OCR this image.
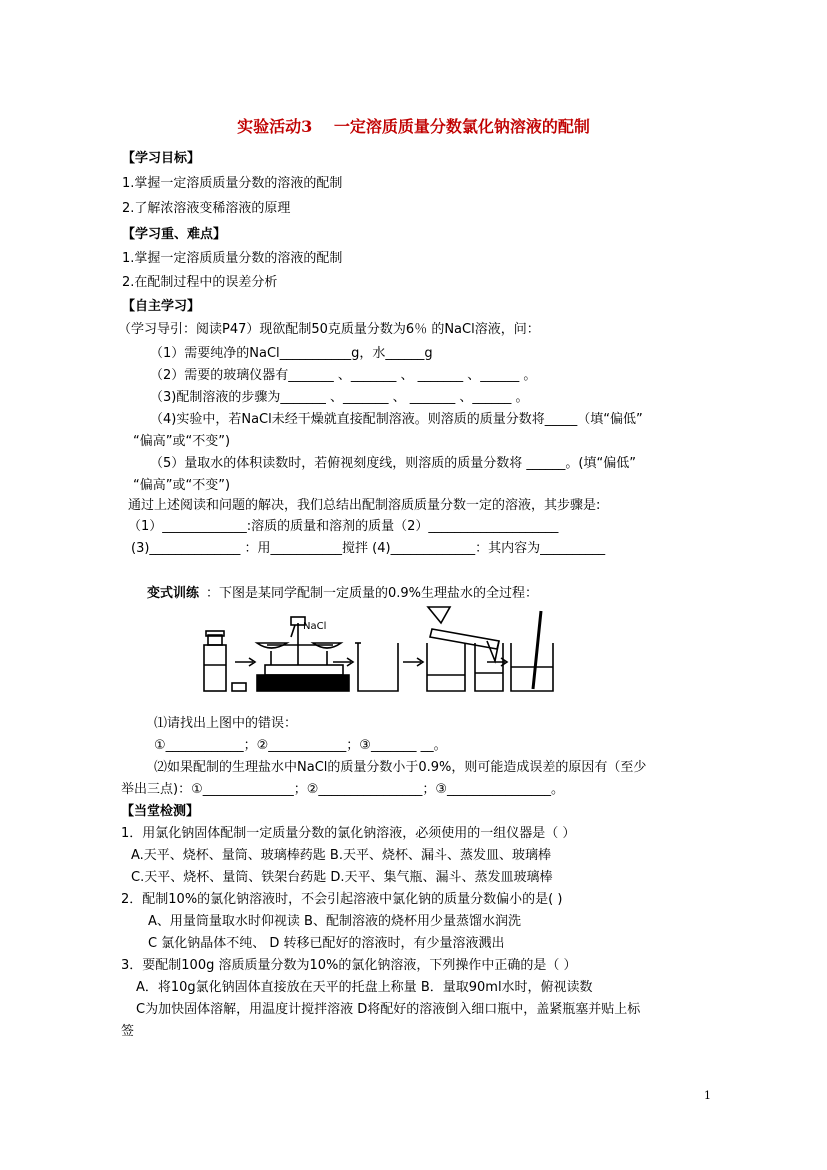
实验活动3　 一定溶质质量分数氯化钠溶液的配制
【学习目标】
1.掌握一定溶质质量分数的溶液的配制
2.了解浓溶液变稀溶液的原理
【学习重、难点】
1.掌握一定溶质质量分数的溶液的配制
2.在配制过程中的误差分析
【自主学习】
（学习导引：阅读P47）现欲配制50克质量分数为6％ 的NaCl溶液，问：
（1）需要纯净的NaCl___________g，水______g
（2）需要的玻璃仪器有_______ 、_______ 、 _______ 、______ 。
（3)配制溶液的步骤为_______ 、_______ 、 _______ 、______ 。
（4)实验中，若NaCl未经干燥就直接配制溶液。则溶质的质量分数将_____（填“偏低”
“偏高”或“不变”)
（5）量取水的体积读数时，若俯视刻度线，则溶质的质量分数将 ______。(填“偏低”
“偏高”或“不变”)
通过上述阅读和问题的解决，我们总结出配制溶质质量分数一定的溶液，其步骤是:
（1）_____________:溶质的质量和溶剂的质量（2）____________________
(3)______________ ：用___________搅拌 (4)_____________：其内容为__________
：下图是某同学配制一定质量的0.9%生理盐水的全过程：
⑴请找出上图中的错误：
①____________；②____________；③_______ __。
⑵如果配制的生理盐水中NaCl的质量分数小于0.9%，则可能造成误差的原因有（至少
举出三点)：①______________；②________________；③________________。
【当堂检测】
1．用氯化钠固体配制一定质量分数的氯化钠溶液，必须使用的一组仪器是（ ）
A.天平、烧杯、量筒、玻璃棒药匙 B.天平、烧杯、漏斗、蒸发皿、玻璃棒
C.天平、烧杯、量筒、铁架台药匙 D.天平、集气瓶、漏斗、蒸发皿玻璃棒
2．配制10%的氯化钠溶液时，不会引起溶液中氯化钠的质量分数偏小的是( )
A、用量筒量取水时仰视读 B、配制溶液的烧杯用少量蒸馏水润洗
C 氯化钠晶体不纯、 D 转移已配好的溶液时，有少量溶液溅出
3．要配制100g 溶质质量分数为10%的氯化钠溶液，下列操作中正确的是（ ）
A．将10g氯化钠固体直接放在天平的托盘上称量 B．量取90ml水时，俯视读数
C为加快固体溶解，用温度计搅拌溶液 D将配好的溶液倒入细口瓶中，盖紧瓶塞并贴上标
签
变式训练
NaCl
1
